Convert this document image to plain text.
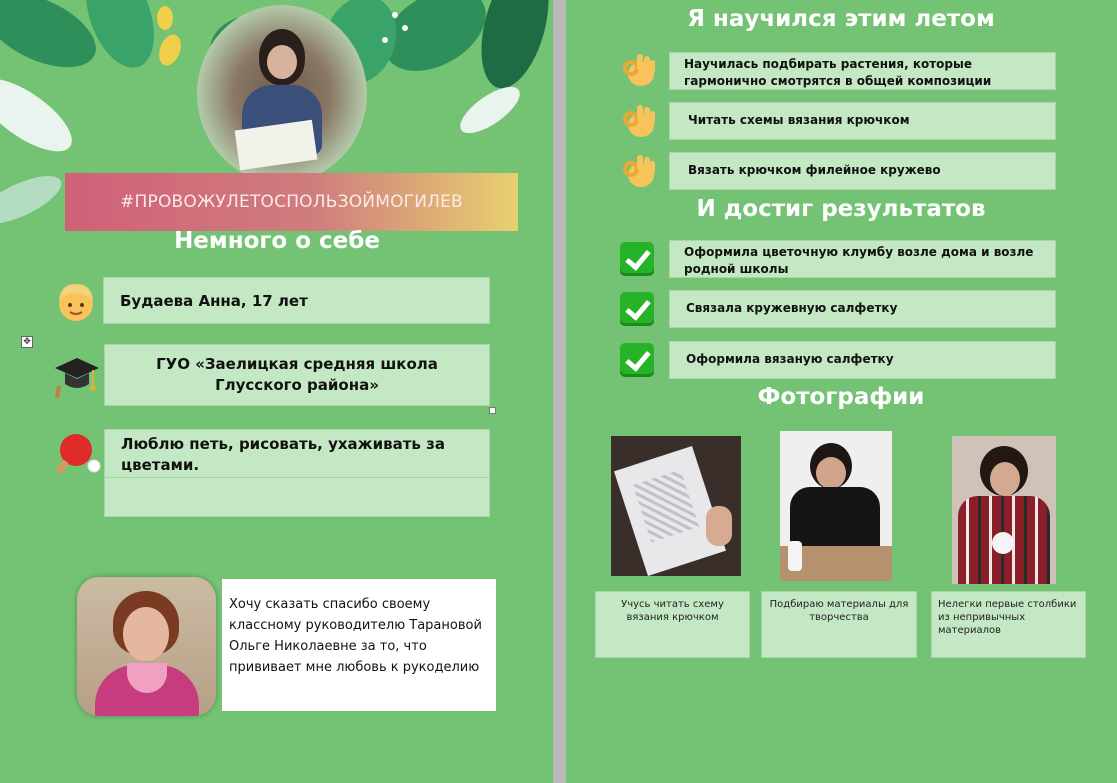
#ПРОВОЖУЛЕТОСПОЛЬЗОЙМОГИЛЕВ
Немного о себе
✥
Будаева Анна, 17 лет
ГУО «Заелицкая средняя школа Глусского района»
Люблю петь, рисовать, ухаживать за цветами.
Хочу сказать спасибо своему классному руководителю Тарановой Ольге Николаевне за то, что прививает мне любовь к рукоделию
Я научился этим летом
Научилась подбирать растения, которые гармонично смотрятся в общей композиции
Читать схемы вязания крючком
Вязать крючком филейное кружево
И достиг результатов
Оформила цветочную клумбу возле дома и возле родной школы
Связала кружевную салфетку
Оформила вязаную салфетку
Фотографии
Учусь читать схему вязания крючком
Подбираю материалы для творчества
Нелегки первые столбики из непривычных материалов
